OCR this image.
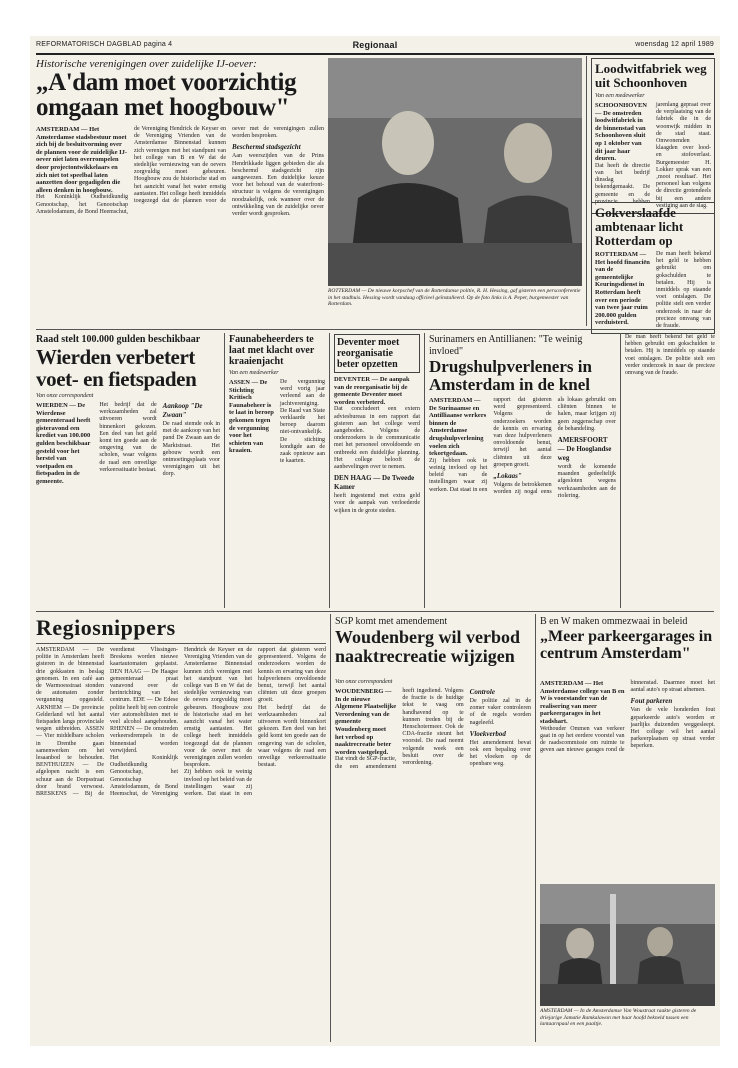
REFORMATORISCH DAGBLAD pagina 4	Regionaal	woensdag 12 april 1989
Historische verenigingen over zuidelijke IJ-oever:
„A'dam moet voorzichtig omgaan met hoogbouw"
AMSTERDAM — Het Amsterdamse stadsbestuur moet zich bij de besluitvorming over de plannen voor de zuidelijke IJ-oever niet laten overrompelen door projectontwikkelaars en zich niet tot speelbal laten aanzetten door gegadigden die alleen denken in hoogbouw.
Het Koninklijk Oudheidkundig Genootschap, het Genootschap Amstelodamum, de Bond Heemschut, de Vereniging Hendrick de Keyser en de Vereniging Vrienden van de Amsterdamse Binnenstad kunnen zich verenigen met het standpunt van het college van B en W dat de stedelijke vernieuwing van de oevers zorgvuldig moet gebeuren. Hoogbouw zou de historische stad en het aanzicht vanaf het water ernstig aantasten. Het college heeft inmiddels toegezegd dat de plannen voor de oever met de verenigingen zullen worden besproken.
Beschermd stadsgezicht
Aan weerszijden van de Prins Hendrikkade liggen gebieden die als beschermd stadsgezicht zijn aangewezen. Een duidelijke keuze voor het behoud van de waterfront-structuur is volgens de verenigingen noodzakelijk, ook wanneer over de ontwikkeling van de zuidelijke oever verder wordt gesproken.
ROTTERDAM — De nieuwe korpschef van de Rotterdamse politie, R. H. Hessing, gaf gisteren een persconferentie in het stadhuis. Hessing wordt vandaag officieel geïnstalleerd. Op de foto links is A. Peper, burgemeester van Rotterdam.
Loodwitfabriek weg uit Schoonhoven
Van een medewerker
SCHOONHOVEN — De omstreden loodwitfabriek in de binnenstad van Schoonhoven sluit op 1 oktober van dit jaar haar deuren.
Dat heeft de directie van het bedrijf dinsdag bekendgemaakt. De gemeente en de provincie hebben jarenlang gepraat over de verplaatsing van de fabriek die in de woonwijk midden in de stad staat. Omwonenden klaagden over lood- en stofoverlast. Burgemeester H. Lokker sprak van een ‚mooi resultaat'. Het personeel kan volgens de directie grotendeels bij een andere vestiging aan de slag.
Gokverslaafde ambtenaar licht Rotterdam op
ROTTERDAM — Het hoofd financiën van de gemeentelijke Keuringsdienst in Rotterdam heeft over een periode van twee jaar ruim 200.000 gulden verduisterd.
De man heeft bekend het geld te hebben gebruikt om gokschulden te betalen. Hij is inmiddels op staande voet ontslagen. De politie stelt een verder onderzoek in naar de precieze omvang van de fraude.
Raad stelt 100.000 gulden beschikbaar
Wierden verbetert voet- en fietspaden
Van onze correspondent
WIERDEN — De Wierdense gemeenteraad heeft gisteravond een krediet van 100.000 gulden beschikbaar gesteld voor het herstel van voetpaden en fietspaden in de gemeente.
Het bedrijf dat de werkzaamheden zal uitvoeren wordt binnenkort gekozen. Een deel van het geld komt ten goede aan de omgeving van de scholen, waar volgens de raad een onveilige verkeerssituatie bestaat.
Aankoop "De Zwaan"
De raad stemde ook in met de aankoop van het pand De Zwaan aan de Marktstraat. Het gebouw wordt een ontmoetingsplaats voor verenigingen uit het dorp.
Faunabeheerders te laat met klacht over kraaienjacht
Van een medewerker
ASSEN — De Stichting Kritisch Faunabeheer is te laat in beroep gekomen tegen de vergunning voor het schieten van kraaien.
De vergunning werd vorig jaar verleend aan de jachtvereniging. De Raad van State verklaarde het beroep daarom niet-ontvankelijk. De stichting kondigde aan de zaak opnieuw aan te kaarten.
Deventer moet reorganisatie beter opzetten
DEVENTER — De aanpak van de reorganisatie bij de gemeente Deventer moet worden verbeterd.
Dat concludeert een extern adviesbureau in een rapport dat gisteren aan het college werd aangeboden. Volgens de onderzoekers is de communicatie met het personeel onvoldoende en ontbreekt een duidelijke planning. Het college belooft de aanbevelingen over te nemen.
DEN HAAG — De Tweede Kamer
heeft ingestemd met extra geld voor de aanpak van verloederde wijken in de grote steden.
Surinamers en Antillianen: "Te weinig invloed"
Drugshulpverleners in Amsterdam in de knel
AMSTERDAM — De Surinaamse en Antilliaanse werkers binnen de Amsterdamse drugshulpverlening voelen zich tekortgedaan.
Zij hebben ook te weinig invloed op het beleid van de instellingen waar zij werken. Dat staat in een rapport dat gisteren werd gepresenteerd. Volgens de onderzoekers worden de kennis en ervaring van deze hulpverleners onvoldoende benut, terwijl het aantal cliënten uit deze groepen groeit.
„Lokaas"
Volgens de betrokkenen worden zij nogal eens als lokaas gebruikt om cliënten binnen te halen, maar krijgen zij geen zeggenschap over de behandeling.
AMERSFOORT — De Hooglandse weg
wordt de komende maanden gedeeltelijk afgesloten wegens werkzaamheden aan de riolering.
De man heeft bekend het geld te hebben gebruikt om gokschulden te betalen. Hij is inmiddels op staande voet ontslagen. De politie stelt een verder onderzoek in naar de precieze omvang van de fraude.
Regiosnippers
AMSTERDAM — De politie in Amsterdam heeft gisteren in de binnenstad drie gokkasten in beslag genomen. In een café aan de Warmoesstraat stonden de automaten zonder vergunning opgesteld. ARNHEM — De provincie Gelderland wil het aantal fietspaden langs provinciale wegen uitbreiden. ASSEN — Vier middelbare scholen in Drenthe gaan samenwerken om het lesaanbod te behouden. BENTHUIZEN — De afgelopen nacht is een schuur aan de Dorpsstraat door brand verwoest. BRESKENS — Bij de veerdienst Vlissingen-Breskens worden nieuwe kaartautomaten geplaatst. DEN HAAG — De Haagse gemeenteraad praat vanavond over de herinrichting van het centrum. EDE — De Edese politie heeft bij een controle vier automobilisten met te veel alcohol aangehouden. RHENEN — De omstreden verkeersdrempels in de binnenstad worden verwijderd.
Het Koninklijk Oudheidkundig Genootschap, het Genootschap Amstelodamum, de Bond Heemschut, de Vereniging Hendrick de Keyser en de Vereniging Vrienden van de Amsterdamse Binnenstad kunnen zich verenigen met het standpunt van het college van B en W dat de stedelijke vernieuwing van de oevers zorgvuldig moet gebeuren. Hoogbouw zou de historische stad en het aanzicht vanaf het water ernstig aantasten. Het college heeft inmiddels toegezegd dat de plannen voor de oever met de verenigingen zullen worden besproken.
Zij hebben ook te weinig invloed op het beleid van de instellingen waar zij werken. Dat staat in een rapport dat gisteren werd gepresenteerd. Volgens de onderzoekers worden de kennis en ervaring van deze hulpverleners onvoldoende benut, terwijl het aantal cliënten uit deze groepen groeit.
Het bedrijf dat de werkzaamheden zal uitvoeren wordt binnenkort gekozen. Een deel van het geld komt ten goede aan de omgeving van de scholen, waar volgens de raad een onveilige verkeerssituatie bestaat.
SGP komt met amendement
Woudenberg wil verbod naaktrecreatie wijzigen
Van onze correspondent
WOUDENBERG — In de nieuwe Algemene Plaatselijke Verordening van de gemeente Woudenberg moet het verbod op naaktrecreatie beter worden vastgelegd.
Dat vindt de SGP-fractie, die een amendement heeft ingediend. Volgens de fractie is de huidige tekst te vaag om handhavend op te kunnen treden bij de Henschotermeer. Ook de CDA-fractie steunt het voorstel. De raad neemt volgende week een besluit over de verordening.
Controle
De politie zal in de zomer vaker controleren of de regels worden nageleefd.
Vloekverbod
Het amendement bevat ook een bepaling over het vloeken op de openbare weg.
B en W maken ommezwaai in beleid
„Meer parkeergarages in centrum Amsterdam"
AMSTERDAM — Het Amsterdamse college van B en W is voorstander van de realisering van meer parkeergarages in het stadshart.
Wethouder Ommen van verkeer gaat in op het eerdere voorstel van de raadscommissie om ruimte te geven aan nieuwe garages rond de binnenstad. Daarmee moet het aantal auto's op straat afnemen.
Fout parkeren
Van de vele honderden fout geparkeerde auto's worden er jaarlijks duizenden weggesleept. Het college wil het aantal parkeerplaatsen op straat verder beperken.
AMSTERDAM — In de Amsterdamse Van Woustraat raakte gisteren de driejarige Jamatie Ramkalawon met haar hoofd bekneld tussen een lantaarnpaal en een paaltje.
